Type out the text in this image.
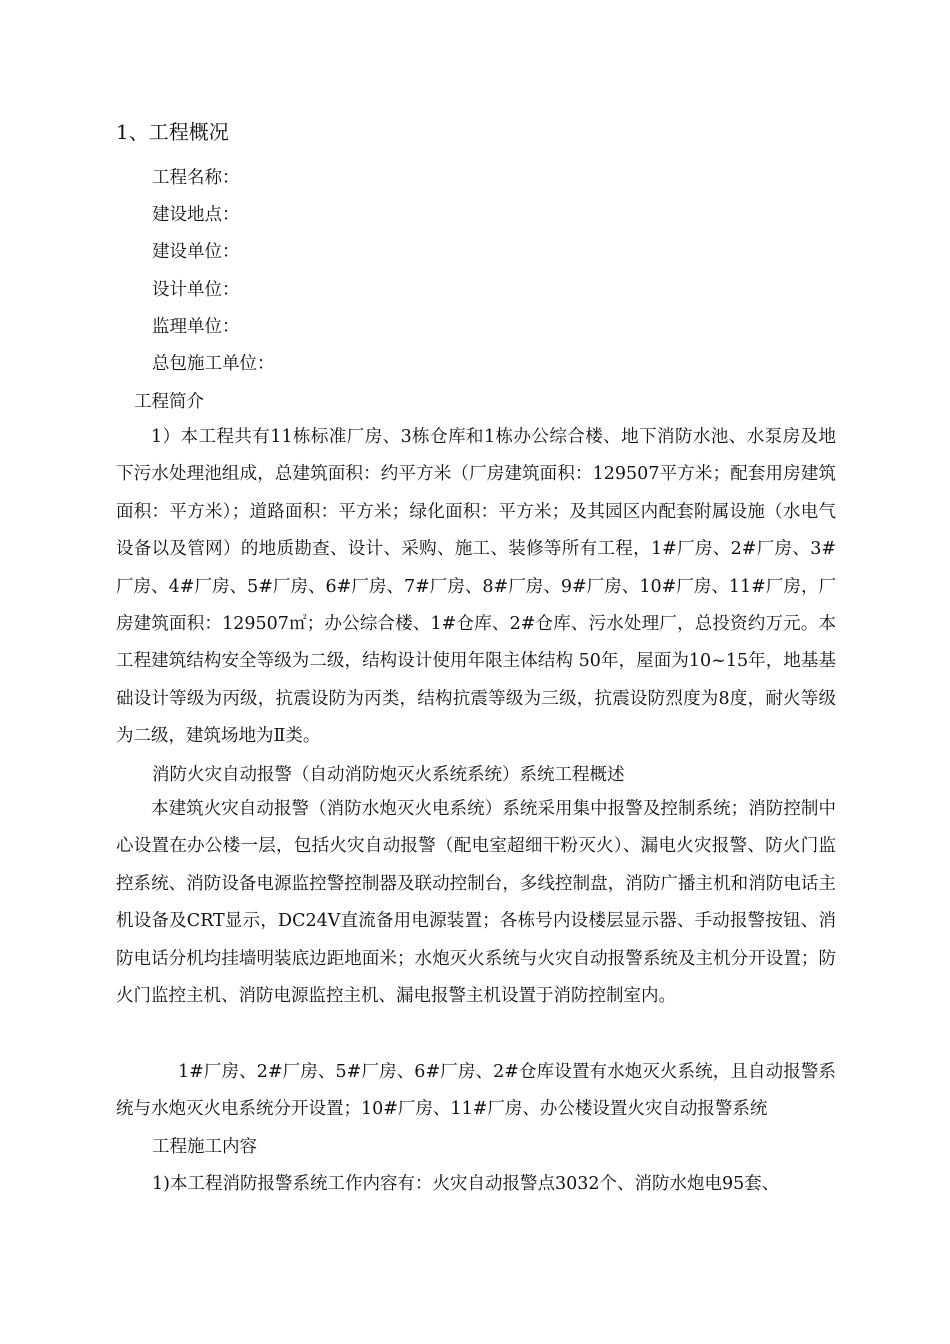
1、工程概况
工程名称：
建设地点：
建设单位：
设计单位：
监理单位：
总包施工单位：
工程简介
1）本工程共有11栋标准厂房、3栋仓库和1栋办公综合楼、地下消防水池、水泵房及地下污水处理池组成，总建筑面积：约平方米（厂房建筑面积：129507平方米；配套用房建筑面积：平方米）；道路面积：平方米；绿化面积：平方米；及其园区内配套附属设施（水电气设备以及管网）的地质勘查、设计、采购、施工、装修等所有工程，1#厂房、2#厂房、3#厂房、4#厂房、5#厂房、6#厂房、7#厂房、8#厂房、9#厂房、10#厂房、11#厂房，厂房建筑面积：129507㎡；办公综合楼、1#仓库、2#仓库、污水处理厂，总投资约万元。本工程建筑结构安全等级为二级，结构设计使用年限主体结构 50年，屋面为10~15年，地基基础设计等级为丙级，抗震设防为丙类，结构抗震等级为三级，抗震设防烈度为8度，耐火等级为二级，建筑场地为Ⅱ类。
消防火灾自动报警（自动消防炮灭火系统系统）系统工程概述
本建筑火灾自动报警（消防水炮灭火电系统）系统采用集中报警及控制系统；消防控制中心设置在办公楼一层，包括火灾自动报警（配电室超细干粉灭火）、漏电火灾报警、防火门监控系统、消防设备电源监控警控制器及联动控制台，多线控制盘，消防广播主机和消防电话主机设备及CRT显示，DC24V直流备用电源装置；各栋号内设楼层显示器、手动报警按钮、消防电话分机均挂墙明装底边距地面米；水炮灭火系统与火灾自动报警系统及主机分开设置；防火门监控主机、消防电源监控主机、漏电报警主机设置于消防控制室内。
1#厂房、2#厂房、5#厂房、6#厂房、2#仓库设置有水炮灭火系统，且自动报警系统与水炮灭火电系统分开设置；10#厂房、11#厂房、办公楼设置火灾自动报警系统
工程施工内容
1)本工程消防报警系统工作内容有：火灾自动报警点3032个、消防水炮电95套、
